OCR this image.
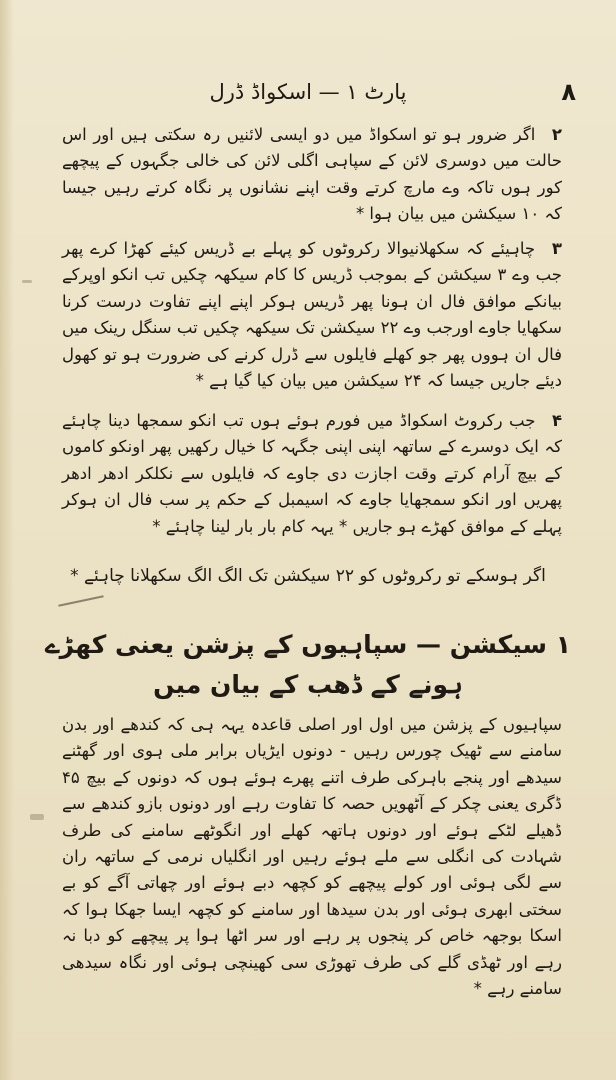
٨
پارٹ ۱ — اسکواڈ ڈرل

۲ اگر ضرور ہو تو اسکواڈ میں دو ایسی لائنیں رہ سکتی ہیں اور اس حالت میں دوسری لائن کے سپاہی اگلی لائن کی خالی جگہوں کے پیچھے کور ہوں تاکہ وے مارچ کرتے وقت اپنے نشانوں پر نگاہ کرتے رہیں جیسا کہ ۱۰ سیکشن میں بیان ہوا *

۳ چاہیئے کہ سکھلانیوالا رکروٹوں کو پہلے بے ڈریس کیئے کھڑا کرے پھر جب وے ۳ سیکشن کے بموجب ڈریس کا کام سیکھہ چکیں تب انکو اوپرکے بیانکے موافق فال ان ہونا پھر ڈریس ہوکر اپنے اپنے تفاوت درست کرنا سکھایا جاوے اورجب وے ۲۲ سیکشن تک سیکھہ چکیں تب سنگل رینک میں فال ان ہووں پھر جو کھلے فایلوں سے ڈرل کرنے کی ضرورت ہو تو کھول دیئے جاریں جیسا کہ ۲۴ سیکشن میں بیان کیا گیا ہے *

۴ جب رکروٹ اسکواڈ میں فورم ہوئے ہوں تب انکو سمجھا دینا چاہئے کہ ایک دوسرے کے ساتھہ اپنی اپنی جگہہ کا خیال رکھیں پھر اونکو کاموں کے بیچ آرام کرتے وقت اجازت دی جاوے کہ فایلوں سے نکلکر ادھر ادھر پھریں اور انکو سمجھایا جاوے کہ اسیمبل کے حکم پر سب فال ان ہوکر پہلے کے موافق کھڑے ہو جاریں * یہہ کام بار بار لینا چاہئے *

اگر ہوسکے تو رکروٹوں کو ۲۲ سیکشن تک الگ الگ سکھلانا چاہئے *
۱ سیکشن — سپاہیوں کے پزشن یعنی کھڑے
ہونے کے ڈھب کے بیان میں

سپاہیوں کے پزشن میں اول اور اصلی قاعدہ یہہ ہی کہ کندھے اور بدن سامنے سے ٹھیک چورس رہیں - دونوں ایڑیاں برابر ملی ہوی اور گھٹنے سیدھے اور پنجے باہرکی طرف اتنے پھرے ہوئے ہوں کہ دونوں کے بیچ ۴۵ ڈگری یعنی چکر کے آٹھویں حصہ کا تفاوت رہے اور دونوں بازو کندھے سے ڈھیلے لٹکے ہوئے اور دونوں ہاتھہ کھلے اور انگوٹھے سامنے کی طرف شہادت کی انگلی سے ملے ہوئے رہیں اور انگلیاں نرمی کے ساتھہ ران سے لگی ہوئی اور کولے پیچھے کو کچھہ دبے ہوئے اور چھاتی آگے کو بے سختی ابھری ہوئی اور بدن سیدھا اور سامنے کو کچھہ ایسا جھکا ہوا کہ اسکا بوجھہ خاص کر پنجوں پر رہے اور سر اٹھا ہوا پر پیچھے کو دبا نہ رہے اور ٹھڈی گلے کی طرف تھوڑی سی کھینچی ہوئی اور نگاہ سیدھی سامنے رہے *
